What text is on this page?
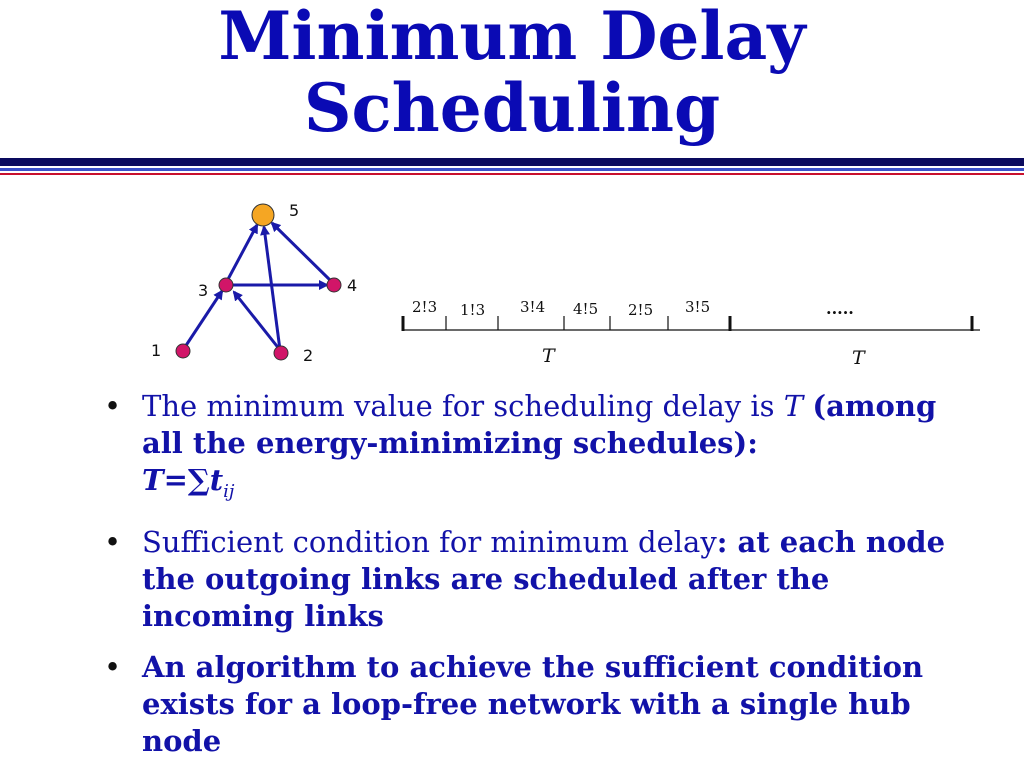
Minimum Delay
Scheduling
5
4
3
1	2
2!3 1!3 3!4 4!5 2!5 3!5	.....
T	T
• The minimum value for scheduling delay is T (among all the energy-minimizing schedules):
$T=\sum t_{ij}$
• Sufficient condition for minimum delay: at each node the outgoing links are scheduled after the incoming links
• An algorithm to achieve the sufficient condition exists for a loop-free network with a single hub node
